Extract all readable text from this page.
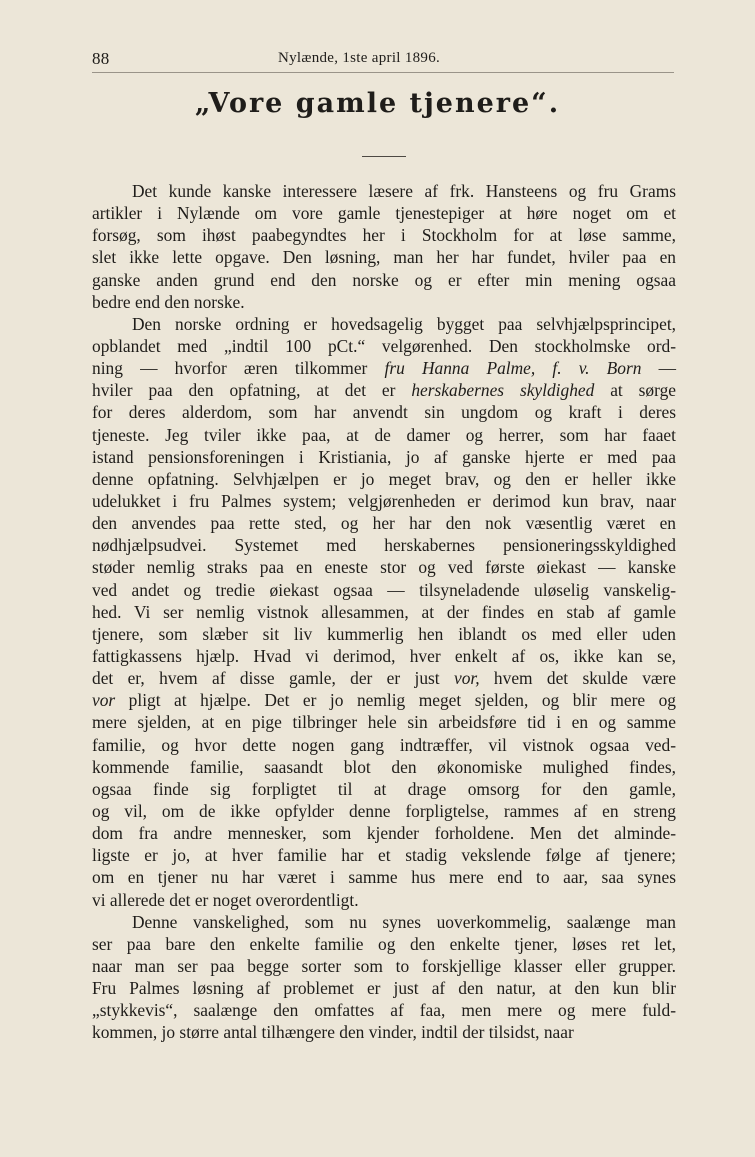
88	Nylænde, 1ste april 1896.
„Vore gamle tjenere“.
Det kunde kanske interessere læsere af frk. Hansteens og fru Grams
artikler i Nylænde om vore gamle tjenestepiger at høre noget om et
forsøg, som ihøst paabegyndtes her i Stockholm for at løse samme,
slet ikke lette opgave. Den løsning, man her har fundet, hviler paa en
ganske anden grund end den norske og er efter min mening ogsaa
bedre end den norske.
Den norske ordning er hovedsagelig bygget paa selvhjælpsprincipet,
opblandet med „indtil 100 pCt.“ velgørenhed. Den stockholmske ord-
ning — hvorfor æren tilkommer fru Hanna Palme, f. v. Born —
hviler paa den opfatning, at det er herskabernes skyldighed at sørge
for deres alderdom, som har anvendt sin ungdom og kraft i deres
tjeneste. Jeg tviler ikke paa, at de damer og herrer, som har faaet
istand pensionsforeningen i Kristiania, jo af ganske hjerte er med paa
denne opfatning. Selvhjælpen er jo meget brav, og den er heller ikke
udelukket i fru Palmes system; velgjørenheden er derimod kun brav, naar
den anvendes paa rette sted, og her har den nok væsentlig været en
nødhjælpsudvei. Systemet med herskabernes pensioneringsskyldighed
støder nemlig straks paa en eneste stor og ved første øiekast — kanske
ved andet og tredie øiekast ogsaa — tilsyneladende uløselig vanskelig-
hed. Vi ser nemlig vistnok allesammen, at der findes en stab af gamle
tjenere, som slæber sit liv kummerlig hen iblandt os med eller uden
fattigkassens hjælp. Hvad vi derimod, hver enkelt af os, ikke kan se,
det er, hvem af disse gamle, der er just vor, hvem det skulde være
vor pligt at hjælpe. Det er jo nemlig meget sjelden, og blir mere og
mere sjelden, at en pige tilbringer hele sin arbeidsføre tid i en og samme
familie, og hvor dette nogen gang indtræffer, vil vistnok ogsaa ved-
kommende familie, saasandt blot den økonomiske mulighed findes,
ogsaa finde sig forpligtet til at drage omsorg for den gamle,
og vil, om de ikke opfylder denne forpligtelse, rammes af en streng
dom fra andre mennesker, som kjender forholdene. Men det alminde-
ligste er jo, at hver familie har et stadig vekslende følge af tjenere;
om en tjener nu har været i samme hus mere end to aar, saa synes
vi allerede det er noget overordentligt.
Denne vanskelighed, som nu synes uoverkommelig, saalænge man
ser paa bare den enkelte familie og den enkelte tjener, løses ret let,
naar man ser paa begge sorter som to forskjellige klasser eller grupper.
Fru Palmes løsning af problemet er just af den natur, at den kun blir
„stykkevis“, saalænge den omfattes af faa, men mere og mere fuld-
kommen, jo større antal tilhængere den vinder, indtil der tilsidst, naar
